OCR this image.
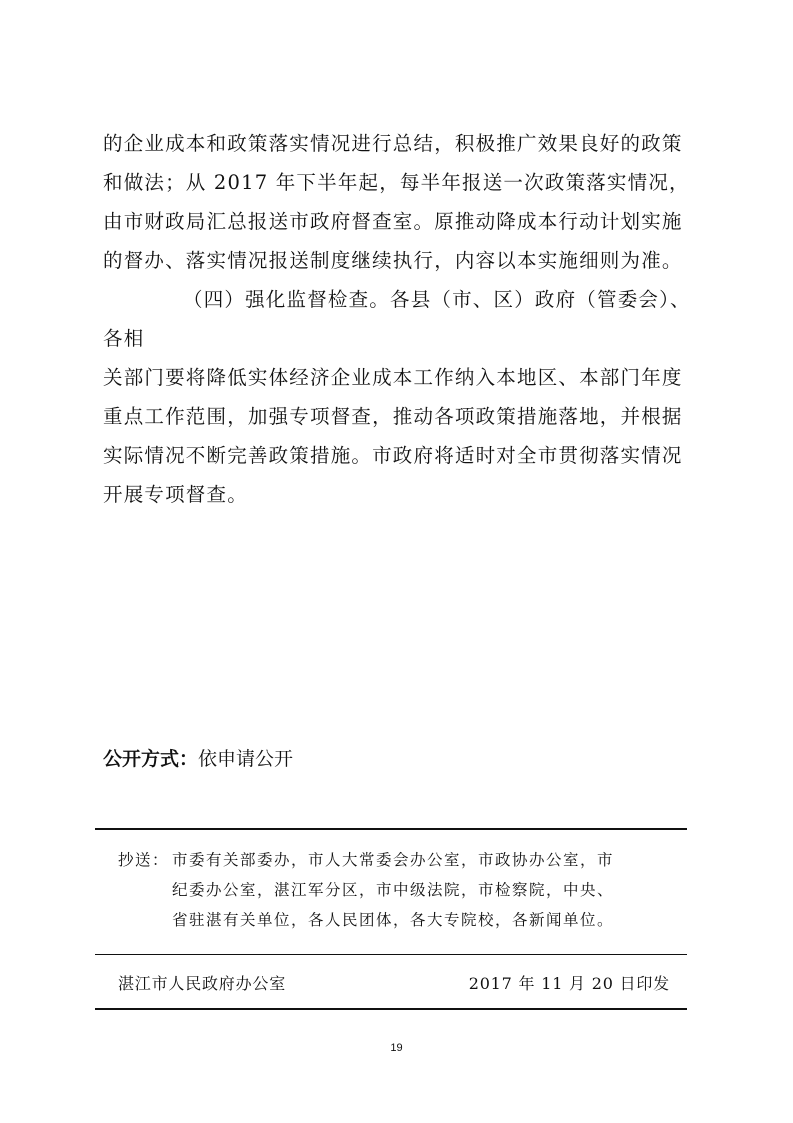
的企业成本和政策落实情况进行总结，积极推广效果良好的政策
和做法；从 2017 年下半年起，每半年报送一次政策落实情况，
由市财政局汇总报送市政府督查室。原推动降成本行动计划实施
的督办、落实情况报送制度继续执行，内容以本实施细则为准。

（四）强化监督检查。各县（市、区）政府（管委会）、各相
关部门要将降低实体经济企业成本工作纳入本地区、本部门年度
重点工作范围，加强专项督查，推动各项政策措施落地，并根据
实际情况不断完善政策措施。市政府将适时对全市贯彻落实情况
开展专项督查。

公开方式：依申请公开
抄送： 市委有关部委办，市人大常委会办公室，市政协办公室，市
纪委办公室，湛江军分区，市中级法院，市检察院，中央、
省驻湛有关单位，各人民团体，各大专院校，各新闻单位。
湛江市人民政府办公室	2017 年 11 月 20 日印发
19
